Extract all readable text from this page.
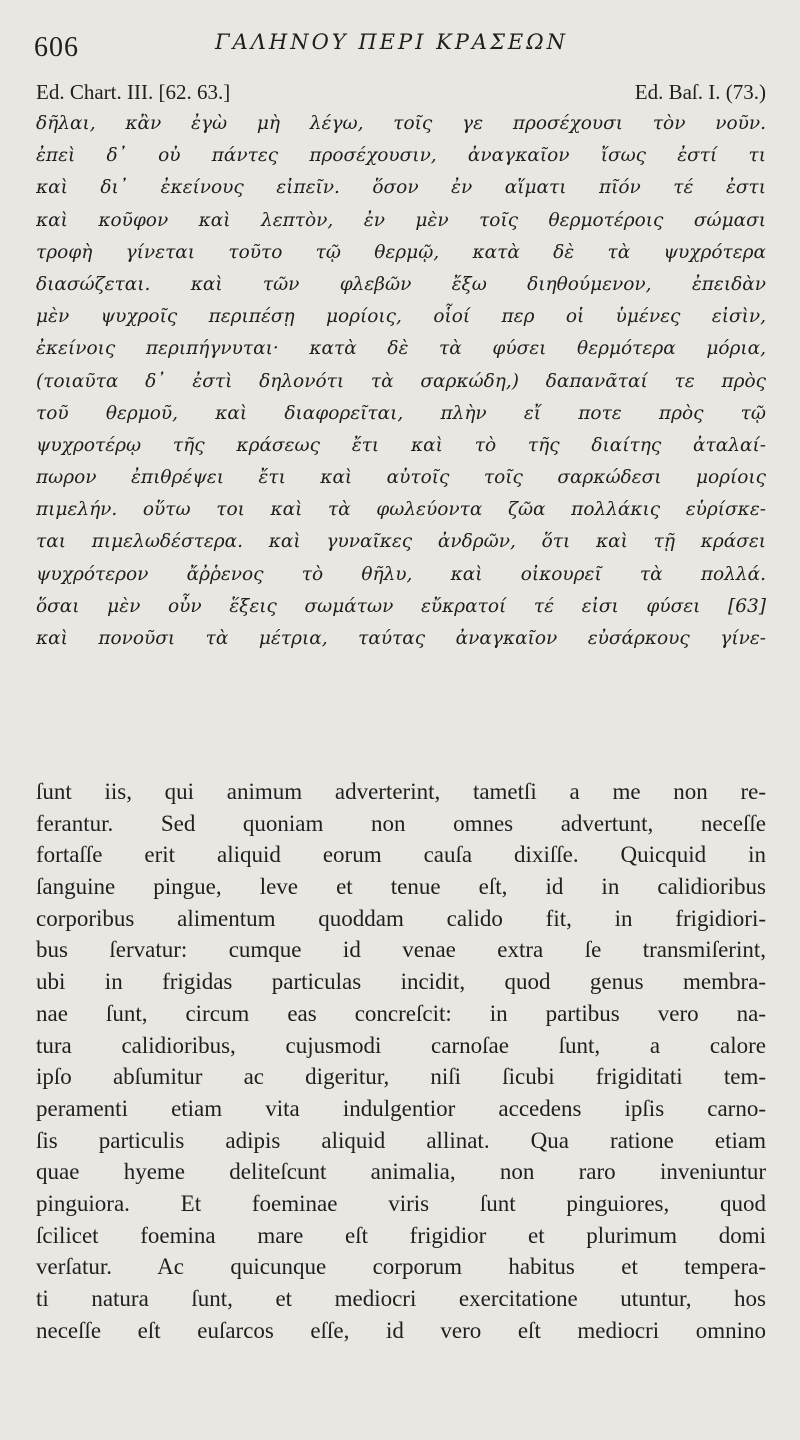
606	ΓΑΛΗΝΟΥ ΠΕΡΙ ΚΡΑΣΕΩΝ
Ed. Chart. III. [62. 63.]	Ed. Baſ. I. (73.)
δῆλαι, κἂν ἐγὼ μὴ λέγω, τοῖς γε προσέχουσι τὸν νοῦν.
ἐπεὶ δ᾽ οὐ πάντες προσέχουσιν, ἀναγκαῖον ἴσως ἐστί τι
καὶ δι᾽ ἐκείνους εἰπεῖν. ὅσον ἐν αἵματι πῖόν τέ ἐστι
καὶ κοῦφον καὶ λεπτὸν, ἐν μὲν τοῖς θερμοτέροις σώμασι
τροφὴ γίνεται τοῦτο τῷ θερμῷ, κατὰ δὲ τὰ ψυχρότερα
διασώζεται. καὶ τῶν φλεβῶν ἔξω διηθούμενον, ἐπειδὰν
μὲν ψυχροῖς περιπέσῃ μορίοις, οἷοί περ οἱ ὑμένες εἰσὶν,
ἐκείνοις περιπήγνυται· κατὰ δὲ τὰ φύσει θερμότερα μόρια,
(τοιαῦτα δ᾽ ἐστὶ δηλονότι τὰ σαρκώδη,) δαπανᾶταί τε πρὸς
τοῦ θερμοῦ, καὶ διαφορεῖται, πλὴν εἴ ποτε πρὸς τῷ
ψυχροτέρῳ τῆς κράσεως ἔτι καὶ τὸ τῆς διαίτης ἀταλαί-
πωρον ἐπιθρέψει ἔτι καὶ αὐτοῖς τοῖς σαρκώδεσι μορίοις
πιμελήν. οὕτω τοι καὶ τὰ φωλεύοντα ζῶα πολλάκις εὑρίσκε-
ται πιμελωδέστερα. καὶ γυναῖκες ἀνδρῶν, ὅτι καὶ τῇ κράσει
ψυχρότερον ἄῤῥενος τὸ θῆλυ, καὶ οἰκουρεῖ τὰ πολλά.
ὅσαι μὲν οὖν ἕξεις σωμάτων εὔκρατοί τέ εἰσι φύσει [63]
καὶ πονοῦσι τὰ μέτρια, ταύτας ἀναγκαῖον εὐσάρκους γίνε-
ſunt iis, qui animum adverterint, tametſi a me non re-
ferantur. Sed quoniam non omnes advertunt, neceſſe
fortaſſe erit aliquid eorum cauſa dixiſſe. Quicquid in
ſanguine pingue, leve et tenue eſt, id in calidioribus
corporibus alimentum quoddam calido fit, in frigidiori-
bus ſervatur: cumque id venae extra ſe transmiſerint,
ubi in frigidas particulas incidit, quod genus membra-
nae ſunt, circum eas concreſcit: in partibus vero na-
tura calidioribus, cujusmodi carnoſae ſunt, a calore
ipſo abſumitur ac digeritur, niſi ſicubi frigiditati tem-
peramenti etiam vita indulgentior accedens ipſis carno-
ſis particulis adipis aliquid allinat. Qua ratione etiam
quae hyeme deliteſcunt animalia, non raro inveniuntur
pinguiora. Et foeminae viris ſunt pinguiores, quod
ſcilicet foemina mare eſt frigidior et plurimum domi
verſatur. Ac quicunque corporum habitus et tempera-
ti natura ſunt, et mediocri exercitatione utuntur, hos
neceſſe eſt euſarcos eſſe, id vero eſt mediocri omnino
